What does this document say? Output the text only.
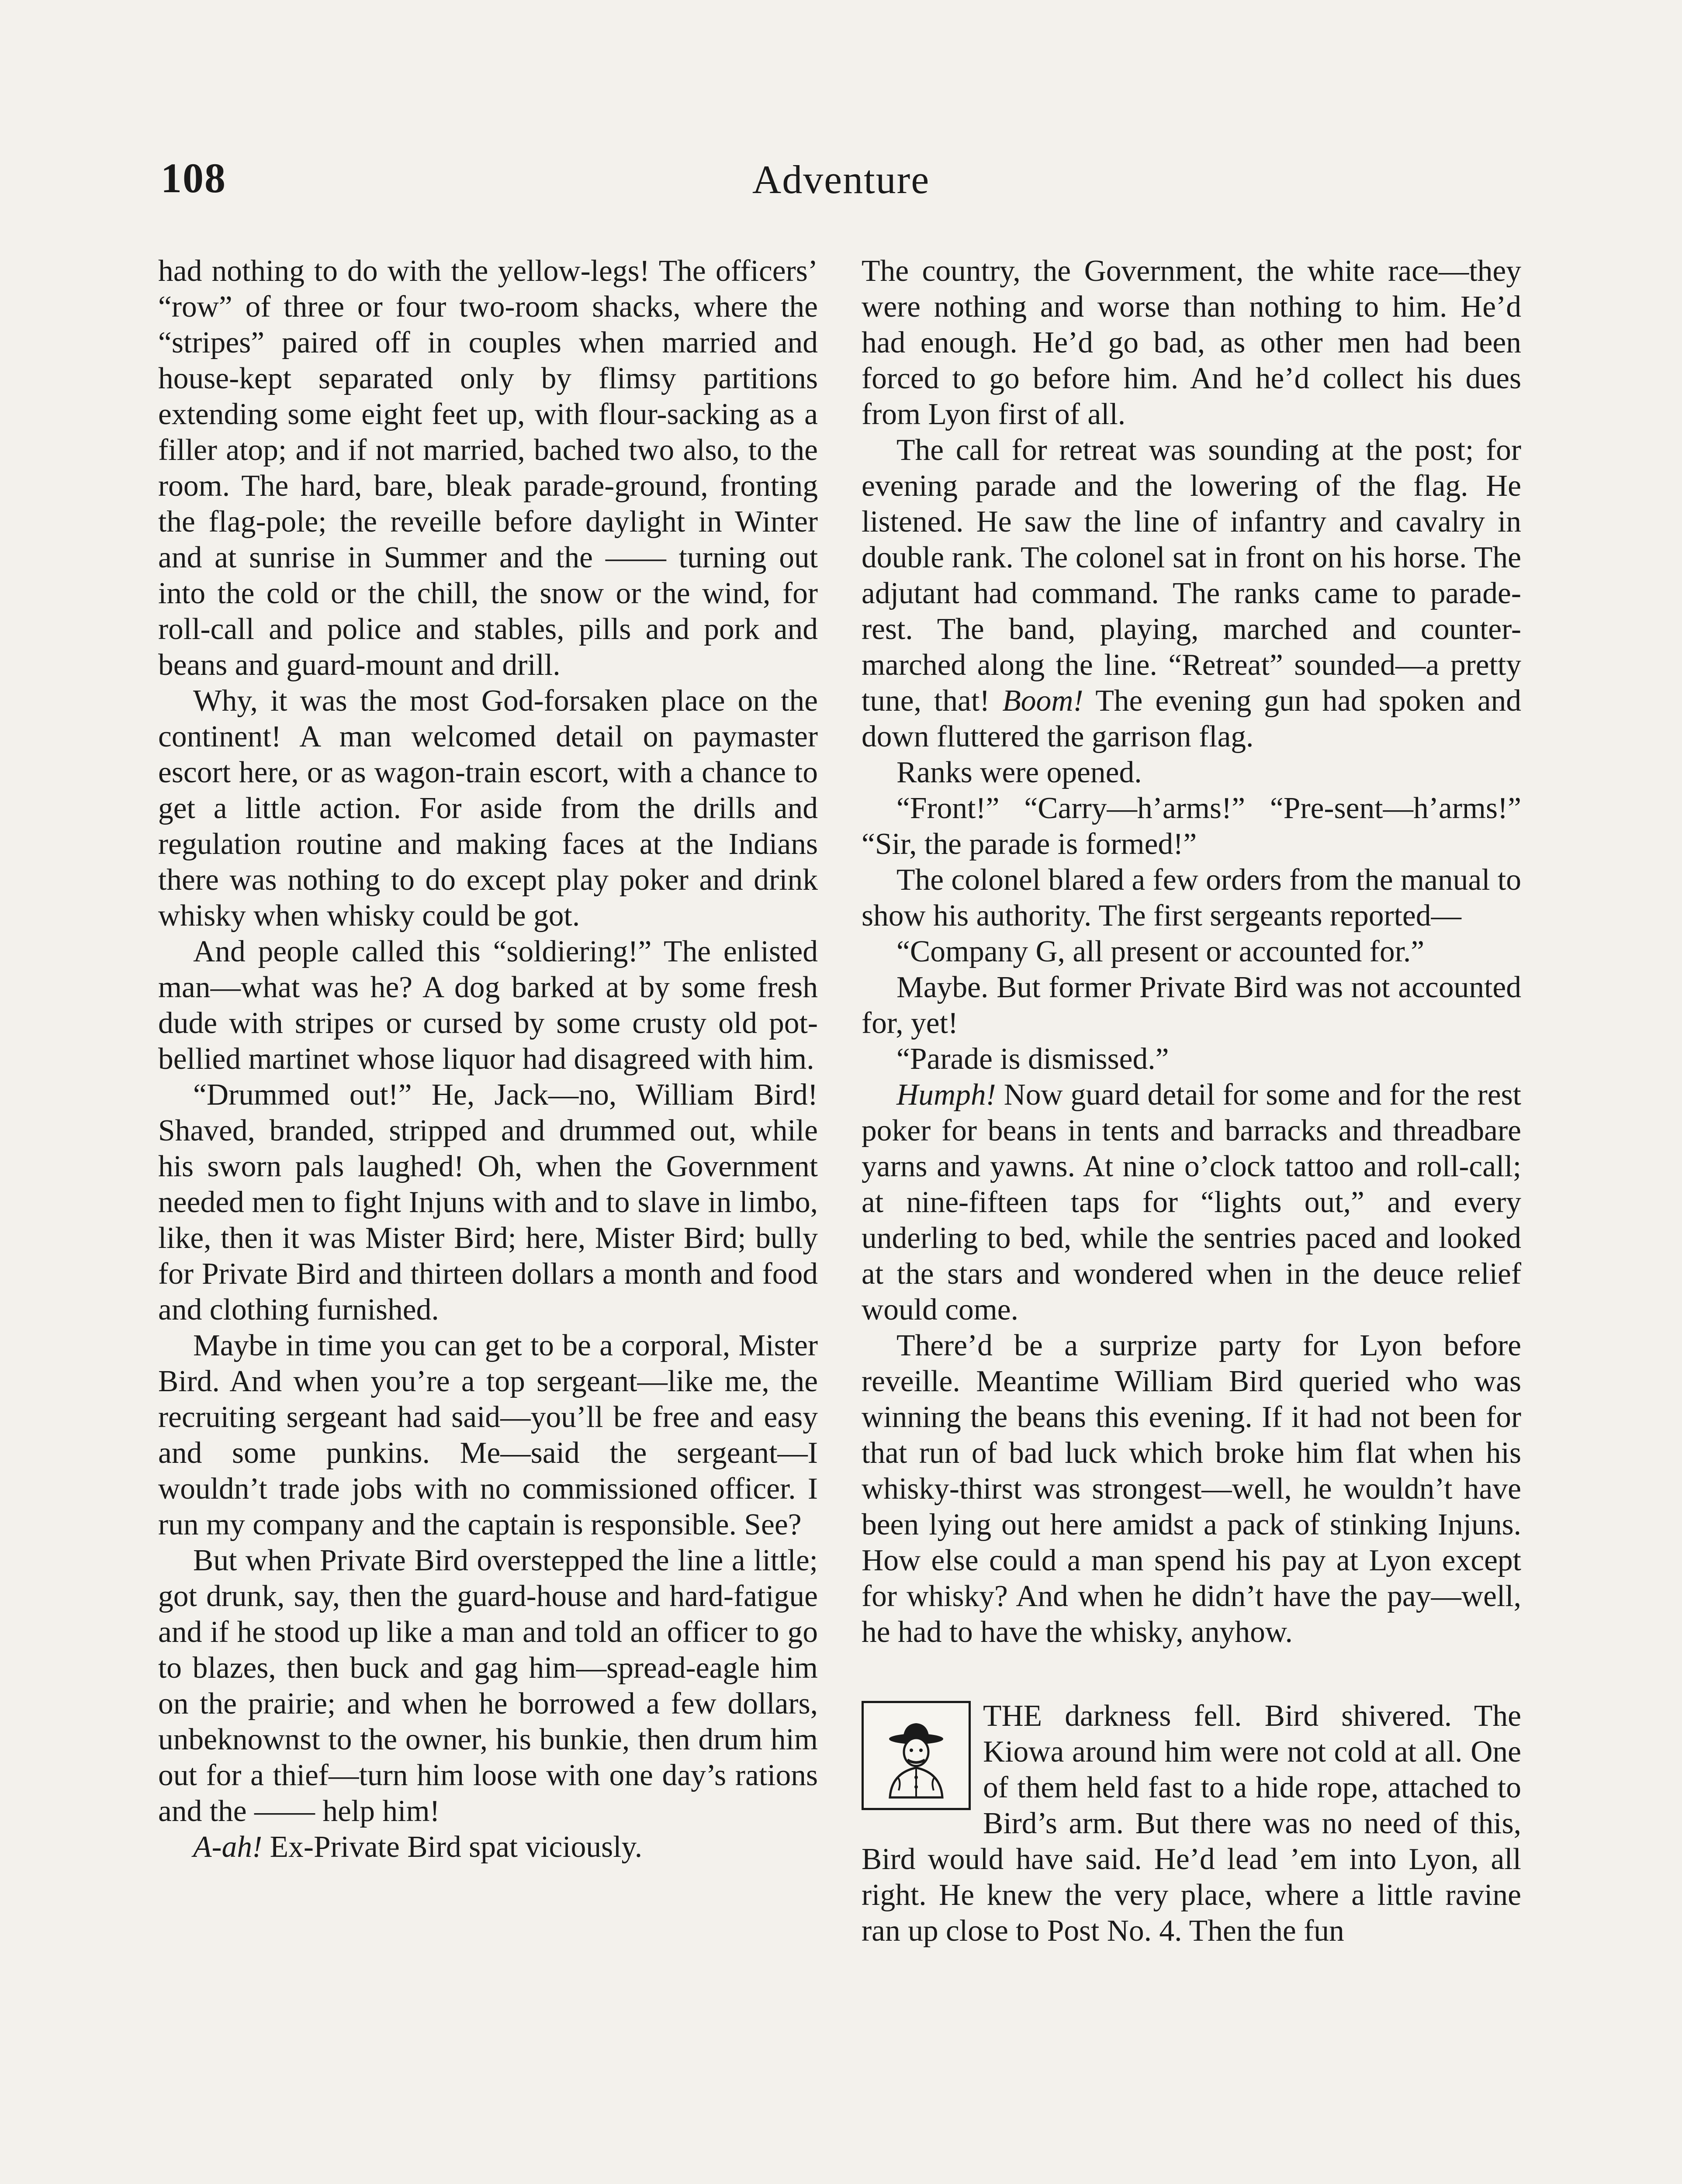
108	Adventure

had nothing to do with the yellow-legs! The officers’ “row” of three or four two-room shacks, where the “stripes” paired off in couples when married and house-kept separated only by flimsy partitions extending some eight feet up, with flour-sacking as a filler atop; and if not married, bached two also, to the room. The hard, bare, bleak parade-ground, fronting the flag-pole; the reveille before daylight in Winter and at sunrise in Summer and the —— turning out into the cold or the chill, the snow or the wind, for roll-call and police and stables, pills and pork and beans and guard-mount and drill.

Why, it was the most God-forsaken place on the continent! A man welcomed detail on paymaster escort here, or as wagon-train escort, with a chance to get a little action. For aside from the drills and regulation routine and making faces at the Indians there was nothing to do except play poker and drink whisky when whisky could be got.

And people called this “soldiering!” The enlisted man—what was he? A dog barked at by some fresh dude with stripes or cursed by some crusty old pot-bellied martinet whose liquor had disagreed with him.

“Drummed out!” He, Jack—no, William Bird! Shaved, branded, stripped and drummed out, while his sworn pals laughed! Oh, when the Government needed men to fight Injuns with and to slave in limbo, like, then it was Mister Bird; here, Mister Bird; bully for Private Bird and thirteen dollars a month and food and clothing furnished.

Maybe in time you can get to be a corporal, Mister Bird. And when you’re a top sergeant—like me, the recruiting sergeant had said—you’ll be free and easy and some punkins. Me—said the sergeant—I wouldn’t trade jobs with no commissioned officer. I run my company and the captain is responsible. See?

But when Private Bird overstepped the line a little; got drunk, say, then the guard-house and hard-fatigue and if he stood up like a man and told an officer to go to blazes, then buck and gag him—spread-eagle him on the prairie; and when he borrowed a few dollars, unbeknownst to the owner, his bunkie, then drum him out for a thief—turn him loose with one day’s rations and the —— help him!

A-ah! Ex-Private Bird spat viciously.

The country, the Government, the white race—they were nothing and worse than nothing to him. He’d had enough. He’d go bad, as other men had been forced to go before him. And he’d collect his dues from Lyon first of all.

The call for retreat was sounding at the post; for evening parade and the lowering of the flag. He listened. He saw the line of infantry and cavalry in double rank. The colonel sat in front on his horse. The adjutant had command. The ranks came to parade-rest. The band, playing, marched and counter-marched along the line. “Retreat” sounded—a pretty tune, that! Boom! The evening gun had spoken and down fluttered the garrison flag.

Ranks were opened.

“Front!” “Carry—h’arms!” “Pre-sent—h’arms!” “Sir, the parade is formed!”

The colonel blared a few orders from the manual to show his authority. The first sergeants reported—

“Company G, all present or accounted for.”

Maybe. But former Private Bird was not accounted for, yet!

“Parade is dismissed.”

Humph! Now guard detail for some and for the rest poker for beans in tents and barracks and threadbare yarns and yawns. At nine o’clock tattoo and roll-call; at nine-fifteen taps for “lights out,” and every underling to bed, while the sentries paced and looked at the stars and wondered when in the deuce relief would come.

There’d be a surprize party for Lyon before reveille. Meantime William Bird queried who was winning the beans this evening. If it had not been for that run of bad luck which broke him flat when his whisky-thirst was strongest—well, he wouldn’t have been lying out here amidst a pack of stinking Injuns. How else could a man spend his pay at Lyon except for whisky? And when he didn’t have the pay—well, he had to have the whisky, anyhow.

THE darkness fell. Bird shivered. The Kiowa around him were not cold at all. One of them held fast to a hide rope, attached to Bird’s arm. But there was no need of this, Bird would have said. He’d lead ’em into Lyon, all right. He knew the very place, where a little ravine ran up close to Post No. 4. Then the fun
